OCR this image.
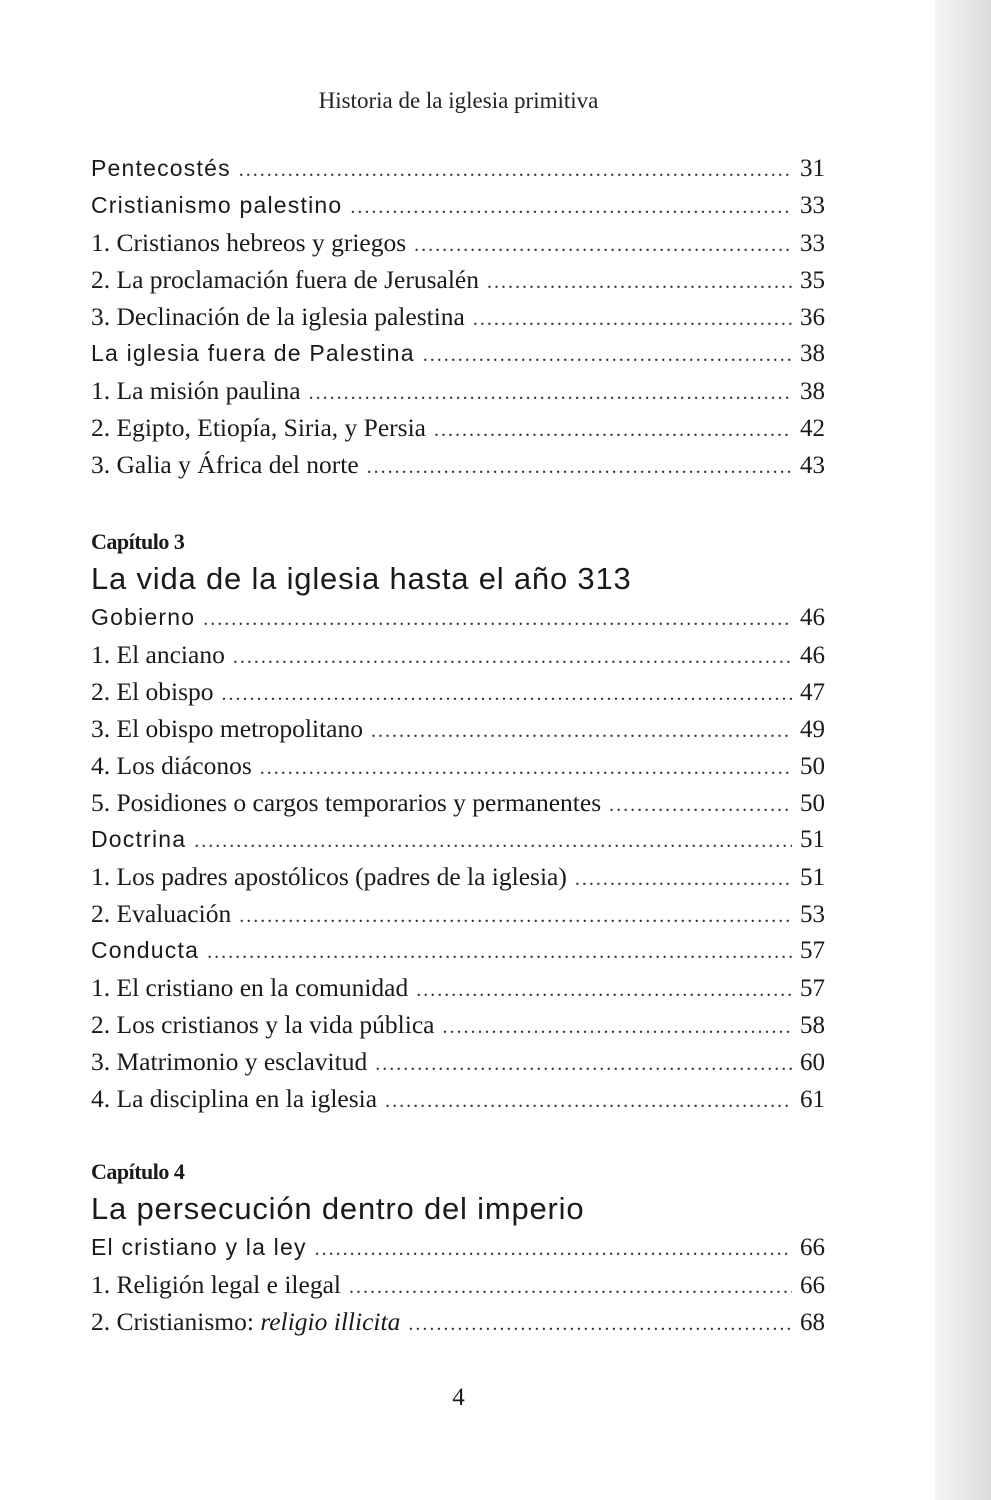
Historia de la iglesia primitiva
Pentecostés .....	31
Cristianismo palestino .....	33
1. Cristianos hebreos y griegos .....	33
2. La proclamación fuera de Jerusalén .....	35
3. Declinación de la iglesia palestina .....	36
La iglesia fuera de Palestina .....	38
1. La misión paulina .....	38
2. Egipto, Etiopía, Siria, y Persia .....	42
3. Galia y África del norte .....	43
Capítulo 3
La vida de la iglesia hasta el año 313
Gobierno .....	46
1. El anciano .....	46
2. El obispo .....	47
3. El obispo metropolitano .....	49
4. Los diáconos .....	50
5. Posidiones o cargos temporarios y permanentes .....	50
Doctrina .....	51
1. Los padres apostólicos (padres de la iglesia) .....	51
2. Evaluación .....	53
Conducta .....	57
1. El cristiano en la comunidad .....	57
2. Los cristianos y la vida pública .....	58
3. Matrimonio y esclavitud .....	60
4. La disciplina en la iglesia .....	61
Capítulo 4
La persecución dentro del imperio
El cristiano y la ley .....	66
1. Religión legal e ilegal .....	66
2. Cristianismo: religio illicita .....	68
4
